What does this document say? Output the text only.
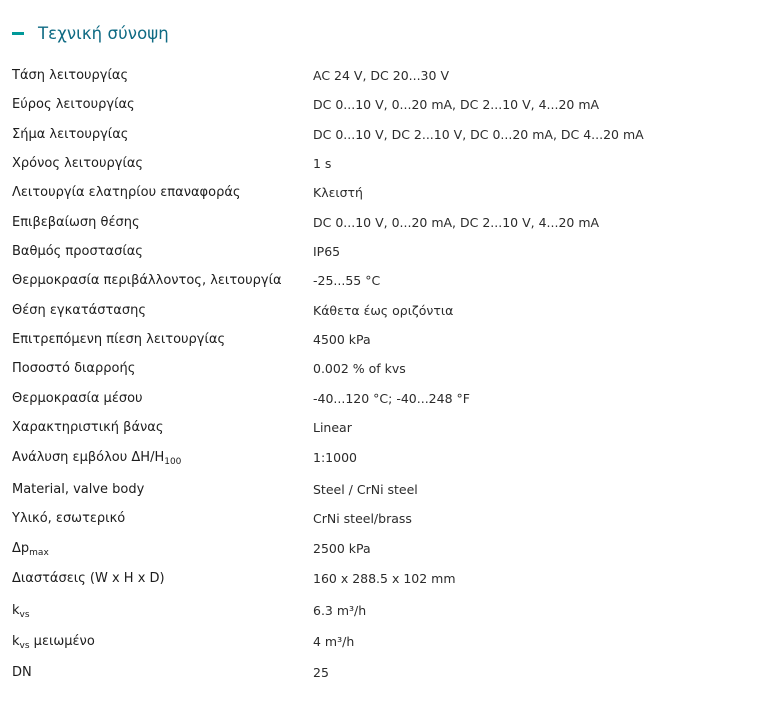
Τεχνική σύνοψη
Τάση λειτουργίας	AC 24 V, DC 20...30 V
Εύρος λειτουργίας	DC 0...10 V, 0...20 mA, DC 2...10 V, 4...20 mA
Σήμα λειτουργίας	DC 0...10 V, DC 2...10 V, DC 0...20 mA, DC 4...20 mA
Χρόνος λειτουργίας	1 s
Λειτουργία ελατηρίου επαναφοράς	Κλειστή
Επιβεβαίωση θέσης	DC 0...10 V, 0...20 mA, DC 2...10 V, 4...20 mA
Βαθμός προστασίας	IP65
Θερμοκρασία περιβάλλοντος, λειτουργία	-25...55 °C
Θέση εγκατάστασης	Κάθετα έως οριζόντια
Επιτρεπόμενη πίεση λειτουργίας	4500 kPa
Ποσοστό διαρροής	0.002 % of kvs
Θερμοκρασία μέσου	-40...120 °C; -40...248 °F
Χαρακτηριστική βάνας	Linear
Ανάλυση εμβόλου $\Delta H/H_{100}$	1:1000
Material, valve body	Steel / CrNi steel
Υλικό, εσωτερικό	CrNi steel/brass
$\Delta p_{max}$	2500 kPa
Διαστάσεις (W x H x D)	160 x 288.5 x 102 mm
$k_{vs}$	6.3 m³/h
$k_{vs}$ μειωμένο	4 m³/h
DN	25
